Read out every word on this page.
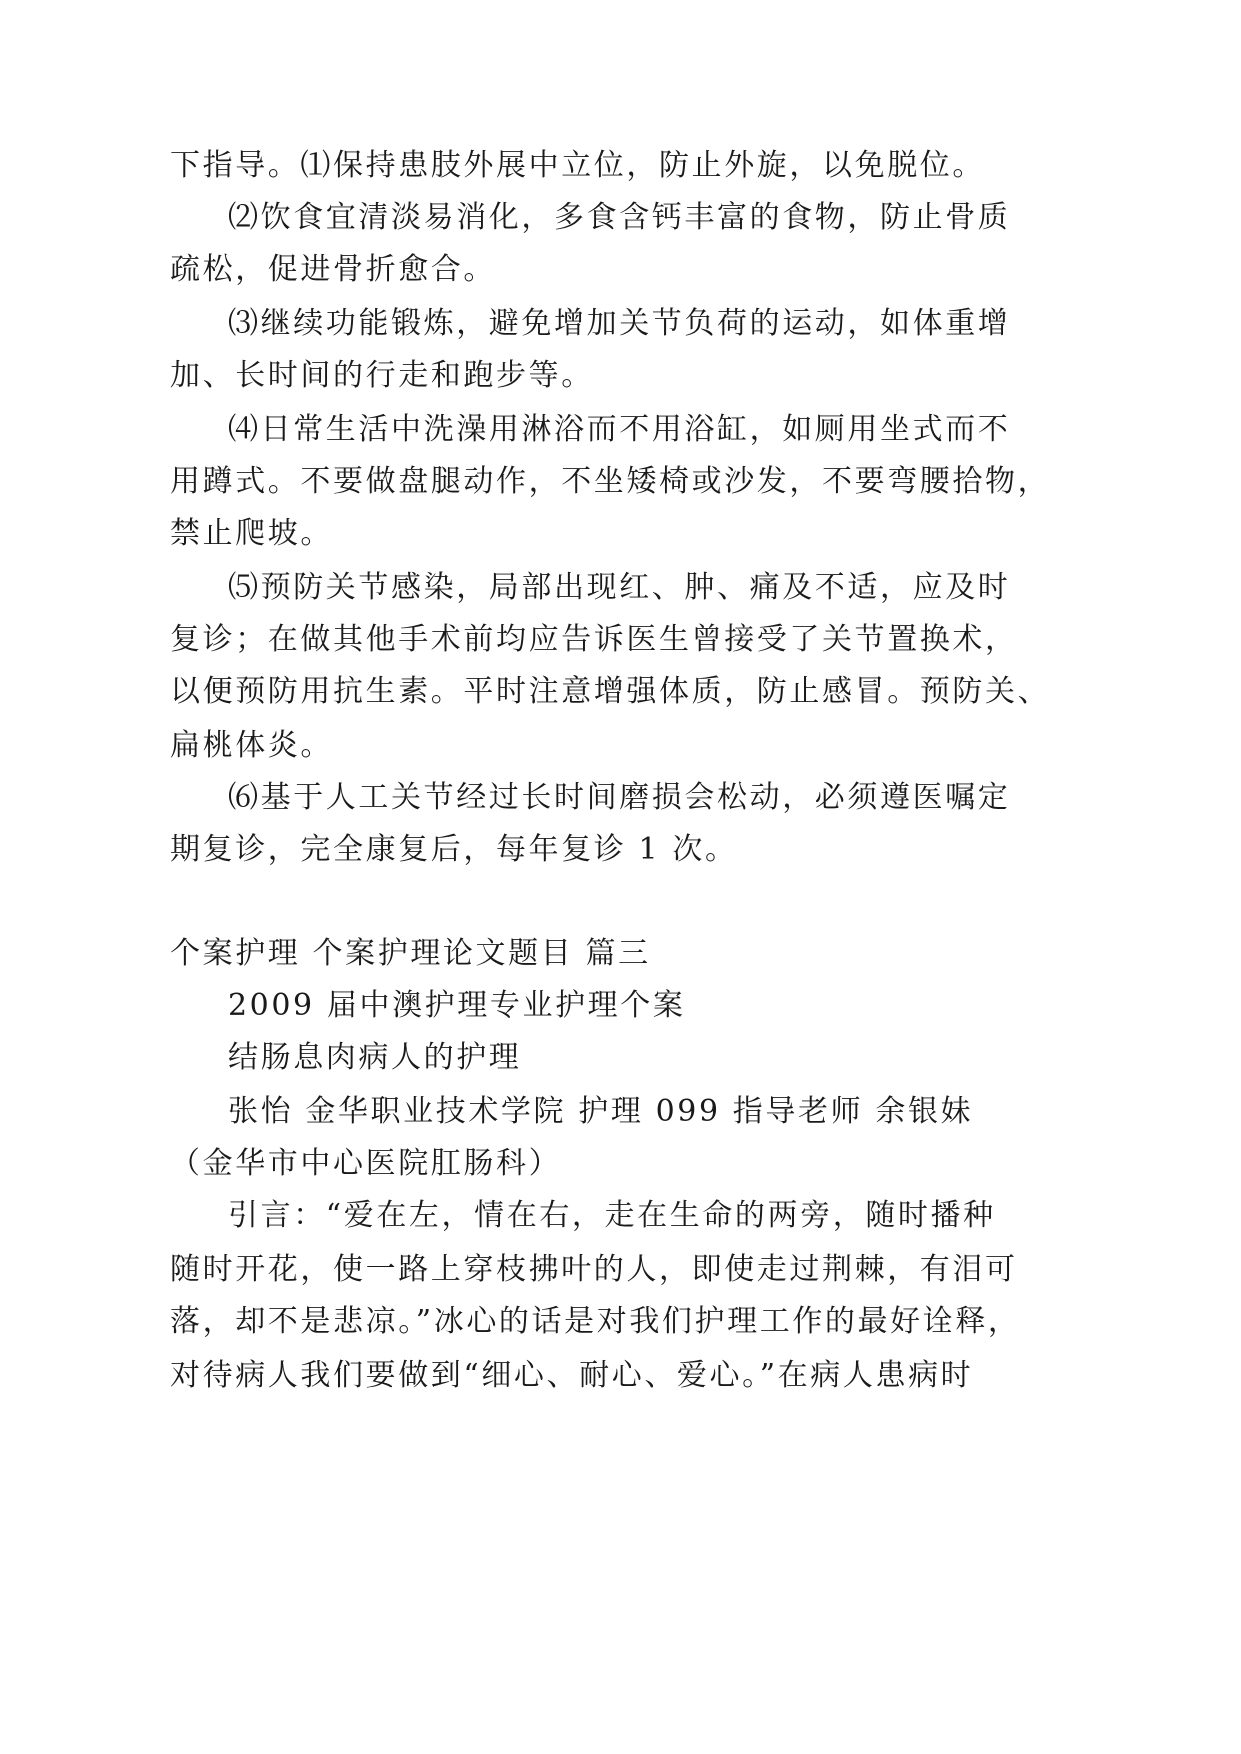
下指导。⑴保持患肢外展中立位，防止外旋，以免脱位。
⑵饮食宜清淡易消化，多食含钙丰富的食物，防止骨质
疏松，促进骨折愈合。
⑶继续功能锻炼，避免增加关节负荷的运动，如体重增
加、长时间的行走和跑步等。
⑷日常生活中洗澡用淋浴而不用浴缸，如厕用坐式而不
用蹲式。不要做盘腿动作，不坐矮椅或沙发，不要弯腰拾物，
禁止爬坡。
⑸预防关节感染，局部出现红、肿、痛及不适，应及时
复诊；在做其他手术前均应告诉医生曾接受了关节置换术，
以便预防用抗生素。平时注意增强体质，防止感冒。预防关、
扁桃体炎。
⑹基于人工关节经过长时间磨损会松动，必须遵医嘱定
期复诊，完全康复后，每年复诊 1 次。
个案护理 个案护理论文题目 篇三
2009 届中澳护理专业护理个案
结肠息肉病人的护理
张怡 金华职业技术学院 护理 099 指导老师 余银妹
（金华市中心医院肛肠科）
引言：“爱在左，情在右，走在生命的两旁，随时播种
随时开花，使一路上穿枝拂叶的人，即使走过荆棘，有泪可
落，却不是悲凉。”冰心的话是对我们护理工作的最好诠释，
对待病人我们要做到“细心、耐心、爱心。”在病人患病时
